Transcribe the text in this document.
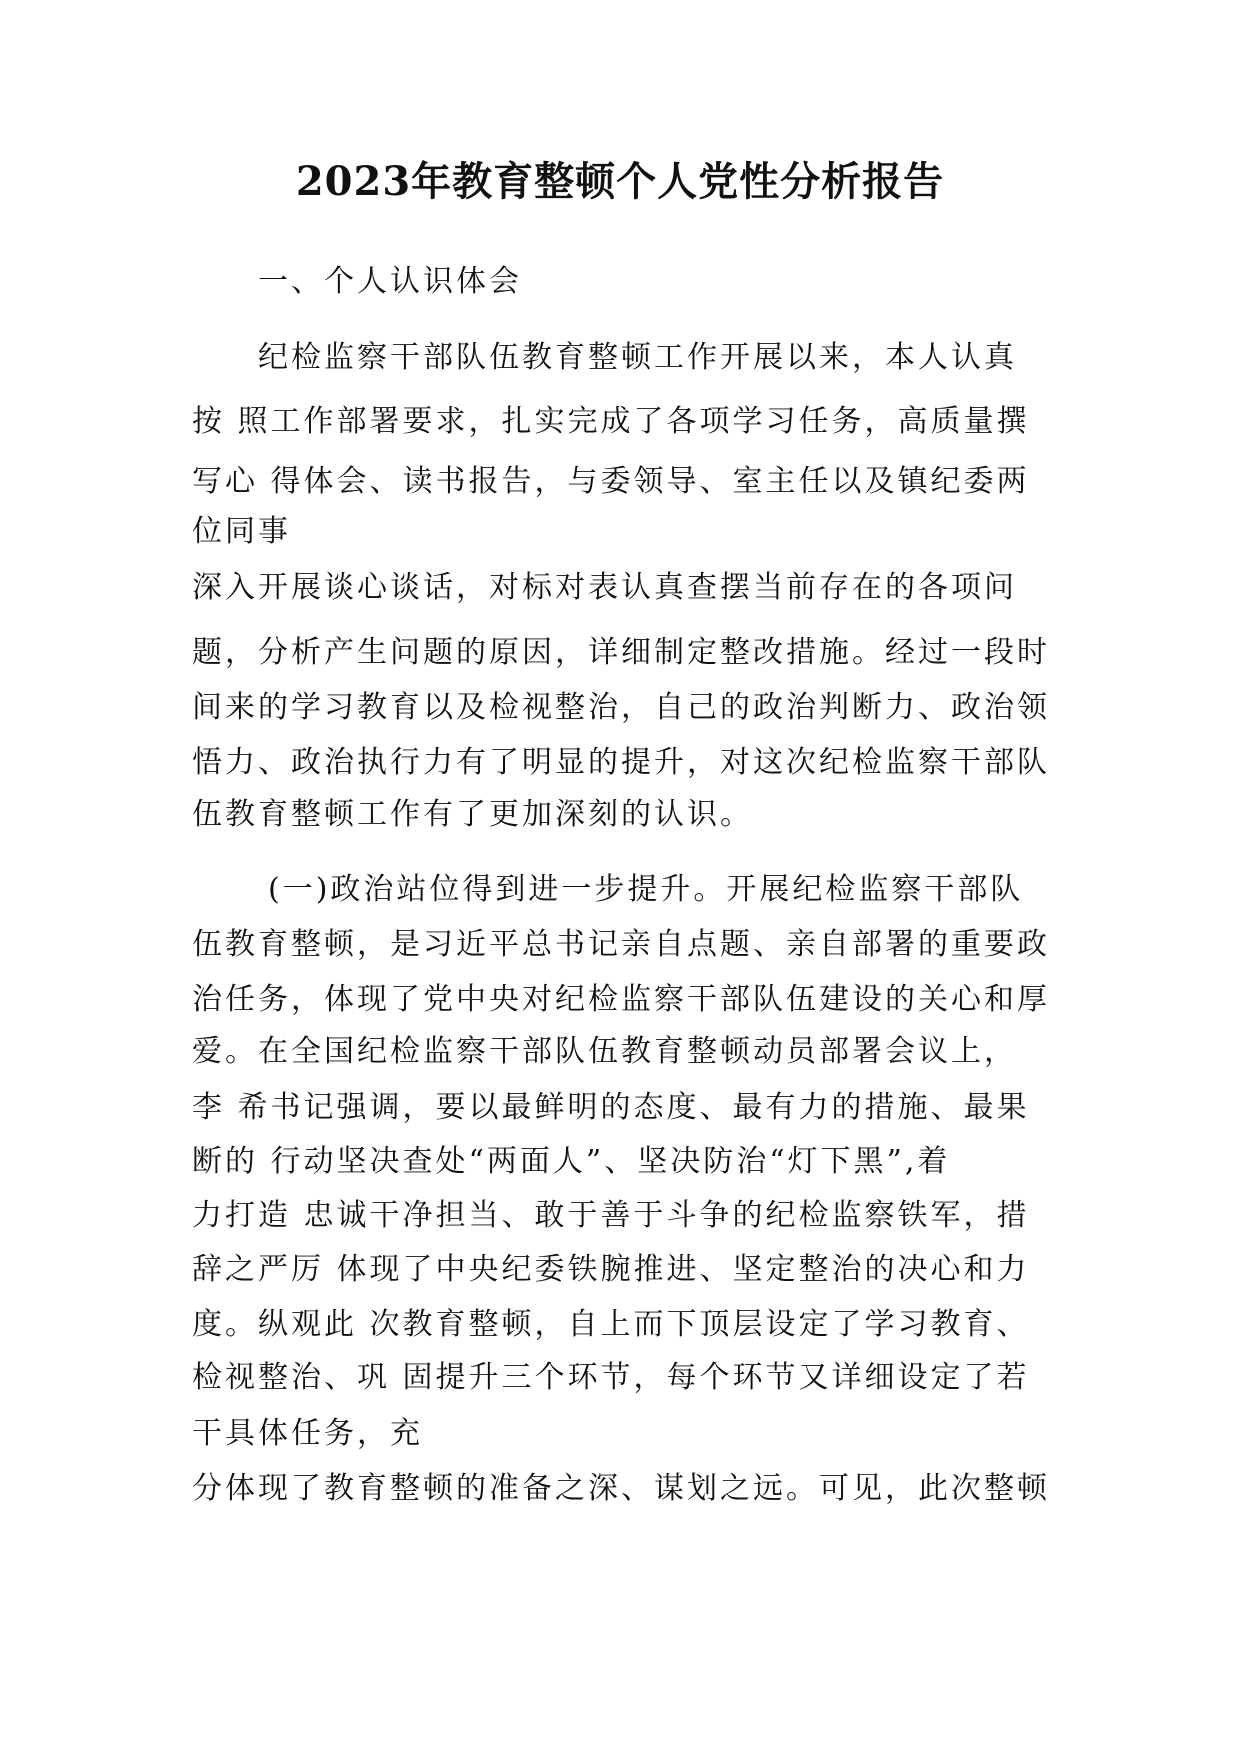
2023年教育整顿个人党性分析报告
一、个人认识体会
纪检监察干部队伍教育整顿工作开展以来，本人认真
按 照工作部署要求，扎实完成了各项学习任务，高质量撰
写心 得体会、读书报告，与委领导、室主任以及镇纪委两
位同事
深入开展谈心谈话，对标对表认真查摆当前存在的各项问
题，分析产生问题的原因，详细制定整改措施。经过一段时
间来的学习教育以及检视整治，自己的政治判断力、政治领
悟力、政治执行力有了明显的提升，对这次纪检监察干部队
伍教育整顿工作有了更加深刻的认识。
(一)政治站位得到进一步提升。开展纪检监察干部队
伍教育整顿，是习近平总书记亲自点题、亲自部署的重要政
治任务，体现了党中央对纪检监察干部队伍建设的关心和厚
爱。在全国纪检监察干部队伍教育整顿动员部署会议上，
李 希书记强调，要以最鲜明的态度、最有力的措施、最果
断的 行动坚决查处“两面人”、坚决防治“灯下黑”,着
力打造 忠诚干净担当、敢于善于斗争的纪检监察铁军，措
辞之严厉 体现了中央纪委铁腕推进、坚定整治的决心和力
度。纵观此 次教育整顿，自上而下顶层设定了学习教育、
检视整治、巩 固提升三个环节，每个环节又详细设定了若
干具体任务，充
分体现了教育整顿的准备之深、谋划之远。可见，此次整顿
